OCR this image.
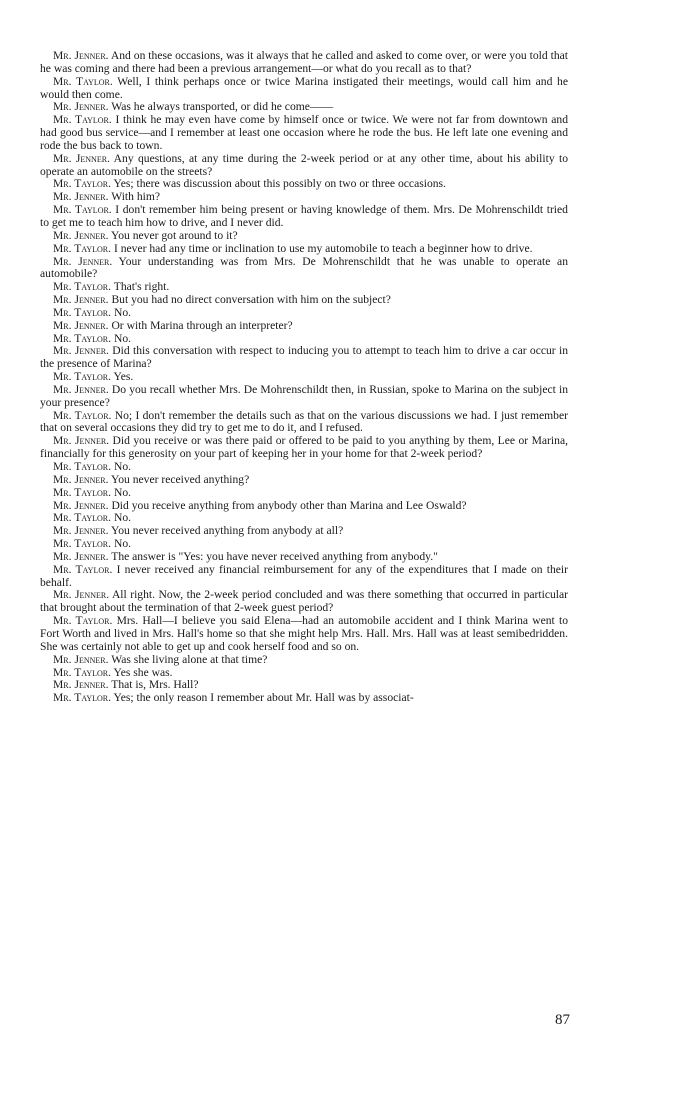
Mr. Jenner. And on these occasions, was it always that he called and asked to come over, or were you told that he was coming and there had been a previous arrangement—or what do you recall as to that?

Mr. Taylor. Well, I think perhaps once or twice Marina instigated their meetings, would call him and he would then come.

Mr. Jenner. Was he always transported, or did he come——

Mr. Taylor. I think he may even have come by himself once or twice. We were not far from downtown and had good bus service—and I remember at least one occasion where he rode the bus. He left late one evening and rode the bus back to town.

Mr. Jenner. Any questions, at any time during the 2-week period or at any other time, about his ability to operate an automobile on the streets?

Mr. Taylor. Yes; there was discussion about this possibly on two or three occasions.

Mr. Jenner. With him?

Mr. Taylor. I don't remember him being present or having knowledge of them. Mrs. De Mohrenschildt tried to get me to teach him how to drive, and I never did.

Mr. Jenner. You never got around to it?

Mr. Taylor. I never had any time or inclination to use my automobile to teach a beginner how to drive.

Mr. Jenner. Your understanding was from Mrs. De Mohrenschildt that he was unable to operate an automobile?

Mr. Taylor. That's right.

Mr. Jenner. But you had no direct conversation with him on the subject?

Mr. Taylor. No.

Mr. Jenner. Or with Marina through an interpreter?

Mr. Taylor. No.

Mr. Jenner. Did this conversation with respect to inducing you to attempt to teach him to drive a car occur in the presence of Marina?

Mr. Taylor. Yes.

Mr. Jenner. Do you recall whether Mrs. De Mohrenschildt then, in Russian, spoke to Marina on the subject in your presence?

Mr. Taylor. No; I don't remember the details such as that on the various discussions we had. I just remember that on several occasions they did try to get me to do it, and I refused.

Mr. Jenner. Did you receive or was there paid or offered to be paid to you anything by them, Lee or Marina, financially for this generosity on your part of keeping her in your home for that 2-week period?

Mr. Taylor. No.

Mr. Jenner. You never received anything?

Mr. Taylor. No.

Mr. Jenner. Did you receive anything from anybody other than Marina and Lee Oswald?

Mr. Taylor. No.

Mr. Jenner. You never received anything from anybody at all?

Mr. Taylor. No.

Mr. Jenner. The answer is "Yes: you have never received anything from anybody."

Mr. Taylor. I never received any financial reimbursement for any of the expenditures that I made on their behalf.

Mr. Jenner. All right. Now, the 2-week period concluded and was there something that occurred in particular that brought about the termination of that 2-week guest period?

Mr. Taylor. Mrs. Hall—I believe you said Elena—had an automobile accident and I think Marina went to Fort Worth and lived in Mrs. Hall's home so that she might help Mrs. Hall. Mrs. Hall was at least semibedridden. She was certainly not able to get up and cook herself food and so on.

Mr. Jenner. Was she living alone at that time?

Mr. Taylor. Yes she was.

Mr. Jenner. That is, Mrs. Hall?

Mr. Taylor. Yes; the only reason I remember about Mr. Hall was by associat-

87
